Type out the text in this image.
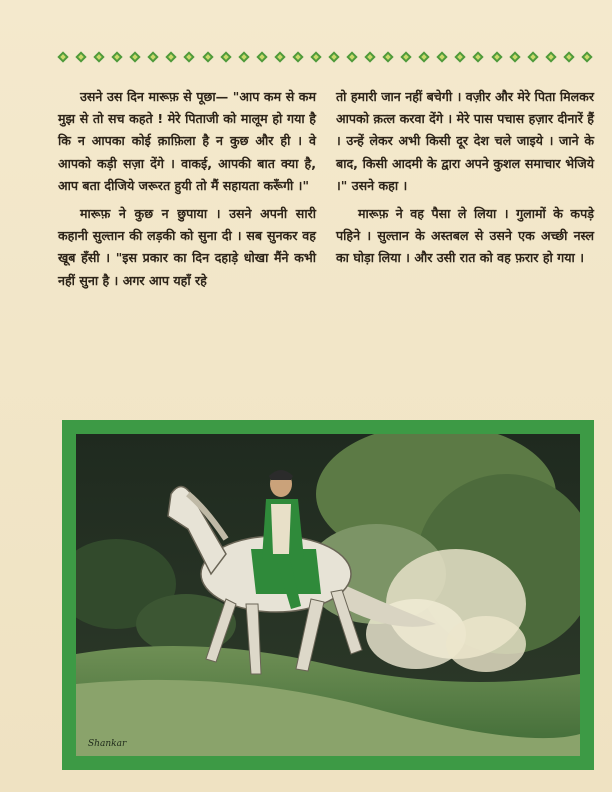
उसने उस दिन मारूफ़ से पूछा— "आप कम से कम मुझ से तो सच कहते ! मेरे पिताजी को मालूम हो गया है कि न आपका कोई क़ाफ़िला है न कुछ और ही । वे आपको कड़ी सज़ा देंगे । वाकई, आपकी बात क्या है, आप बता दीजिये जरूरत हुयी तो मैं सहायता करूँगी ।"

मारूफ़ ने कुछ न छुपाया । उसने अपनी सारी कहानी सुल्तान की लड़की को सुना दी । सब सुनकर वह खूब हँसी । "इस प्रकार का दिन दहाड़े धोखा मैंने कभी नहीं सुना है । अगर आप यहाँ रहे

तो हमारी जान नहीं बचेगी । वज़ीर और मेरे पिता मिलकर आपको क़त्ल करवा देंगे । मेरे पास पचास हज़ार दीनारें हैं । उन्हें लेकर अभी किसी दूर देश चले जाइये । जाने के बाद, किसी आदमी के द्वारा अपने कुशल समाचार भेजिये ।" उसने कहा ।

मारूफ़ ने वह पैसा ले लिया । गुलामों के कपड़े पहिने । सुल्तान के अस्तबल से उसने एक अच्छी नस्ल का घोड़ा लिया । और उसी रात को वह फ़रार हो गया ।

Shankar
